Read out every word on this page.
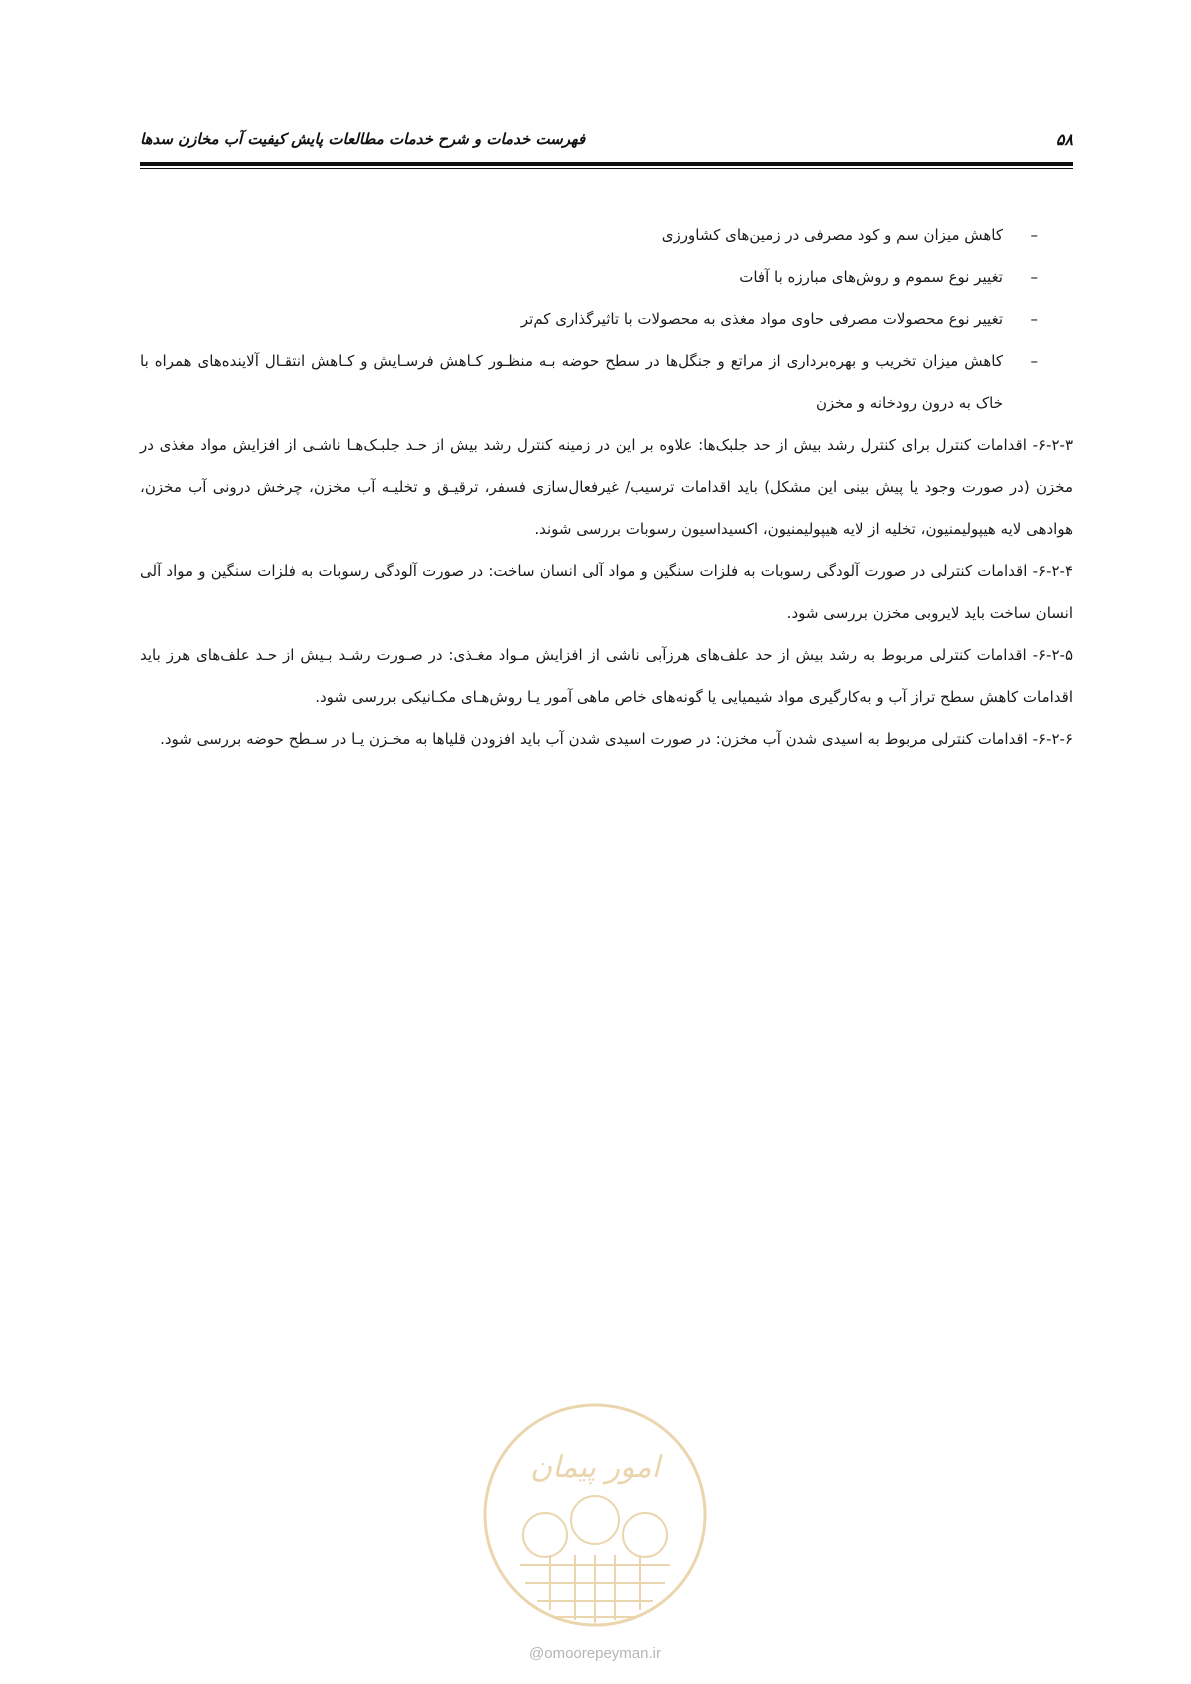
۵۸
فهرست خدمات و شرح خدمات مطالعات پایش کیفیت آب مخازن سدها
–
کاهش میزان سم و کود مصرفی در زمین‌های کشاورزی
–
تغییر نوع سموم و روش‌های مبارزه با آفات
–
تغییر نوع محصولات مصرفی حاوی مواد مغذی به محصولات با تاثیرگذاری کم‌تر
–
کاهش میزان تخریب و بهره‌برداری از مراتع و جنگل‌ها در سطح حوضه بـه منظـور کـاهش فرسـایش و کـاهش انتقـال آلاینده‌های همراه با خاک به درون رودخانه و مخزن

۶-۲-۳- اقدامات کنترل برای کنترل رشد بیش از حد جلبک‌ها: علاوه بر این در زمینه کنترل رشد بیش از حـد جلبـک‌هـا ناشـی از افزایش مواد مغذی در مخزن (در صورت وجود یا پیش بینی این مشکل) باید اقدامات ترسیب/ غیرفعال‌سازی فسفر، ترقیـق و تخلیـه آب مخزن، چرخش درونی آب مخزن، هوادهی لایه هیپولیمنیون، تخلیه از لایه هیپولیمنیون، اکسیداسیون رسوبات بررسی شوند.

۶-۲-۴- اقدامات کنترلی در صورت آلودگی رسوبات به فلزات سنگین و مواد آلی انسان ساخت: در صورت آلودگی رسوبات به فلزات سنگین و مواد آلی انسان ساخت باید لایروبی مخزن بررسی شود.

۶-۲-۵- اقدامات کنترلی مربوط به رشد بیش از حد علف‌های هرزآبی ناشی از افزایش مـواد مغـذی: در صـورت رشـد بـیش از حـد علف‌های هرز باید اقدامات کاهش سطح تراز آب و به‌کارگیری مواد شیمیایی یا گونه‌های خاص ماهی آمور یـا روش‌هـای مکـانیکی بررسی شود.

۶-۲-۶- اقدامات کنترلی مربوط به اسیدی شدن آب مخزن: در صورت اسیدی شدن آب باید افزودن قلیاها به مخـزن یـا در سـطح حوضه بررسی شود.

امور پیمان
@omoorepeyman.ir
